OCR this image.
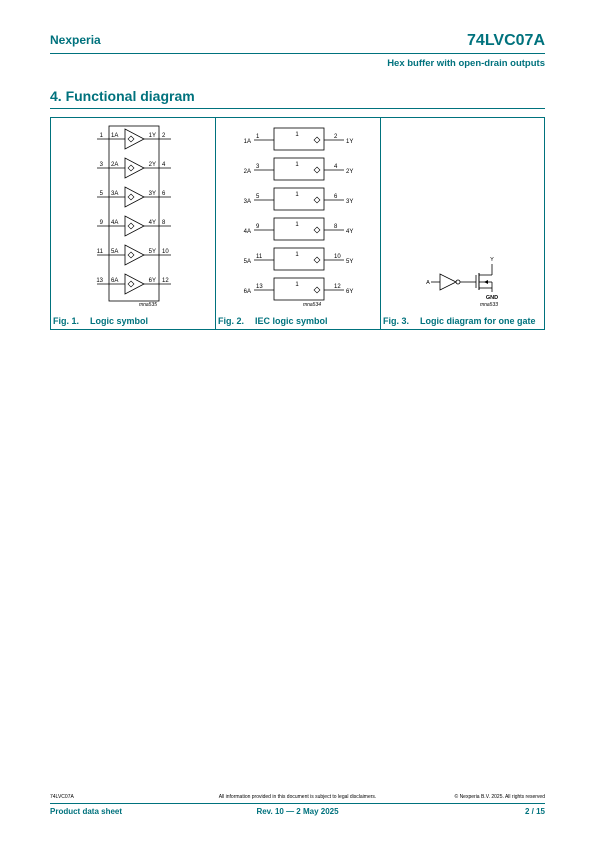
Nexperia	74LVC07A
Hex buffer with open-drain outputs
4. Functional diagram
1 1A	1Y 2
3 2A	2Y 4
5 3A	3Y 6
9 4A	4Y 8
11 5A	5Y 10
13 6A	6Y 12
mna535
1
1A
1	2
1Y
1
2A
3	4
2Y
1
3A
5	6
3Y
1
4A
9	8
4Y
1
5A
11	10
5Y
1
6A
13	12
6Y
mna534
A
Y
GND
mna533
Fig. 1. Logic symbol	Fig. 2. IEC logic symbol	Fig. 3. Logic diagram for one gate
74LVC07A	All information provided in this document is subject to legal disclaimers.	© Nexperia B.V. 2025. All rights reserved
Product data sheet	Rev. 10 — 2 May 2025	2 / 15
